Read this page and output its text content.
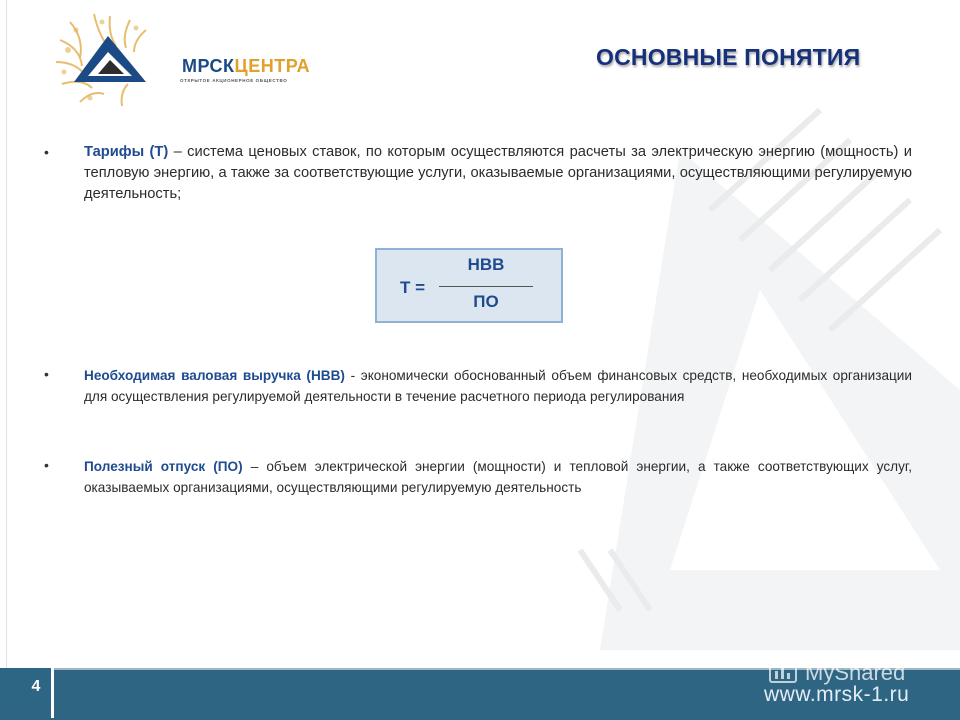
МРСКЦЕНТРА
ОТКРЫТОЕ АКЦИОНЕРНОЕ ОБЩЕСТВО
ОСНОВНЫЕ ПОНЯТИЯ
• Тарифы (Т) – система ценовых ставок, по которым осуществляются расчеты за электрическую энергию (мощность) и тепловую энергию, а также за соответствующие услуги, оказываемые организациями, осуществляющими регулируемую деятельность;
Т =
НВВ
ПО
•	Необходимая валовая выручка (НВВ) - экономически обоснованный объем финансовых средств, необходимых организации для осуществления регулируемой деятельности в течение расчетного периода регулирования
•	Полезный отпуск (ПО) – объем электрической энергии (мощности) и тепловой энергии, а также соответствующих услуг, оказываемых организациями, осуществляющими регулируемую деятельность
4
MyShared
www.mrsk-1.ru
